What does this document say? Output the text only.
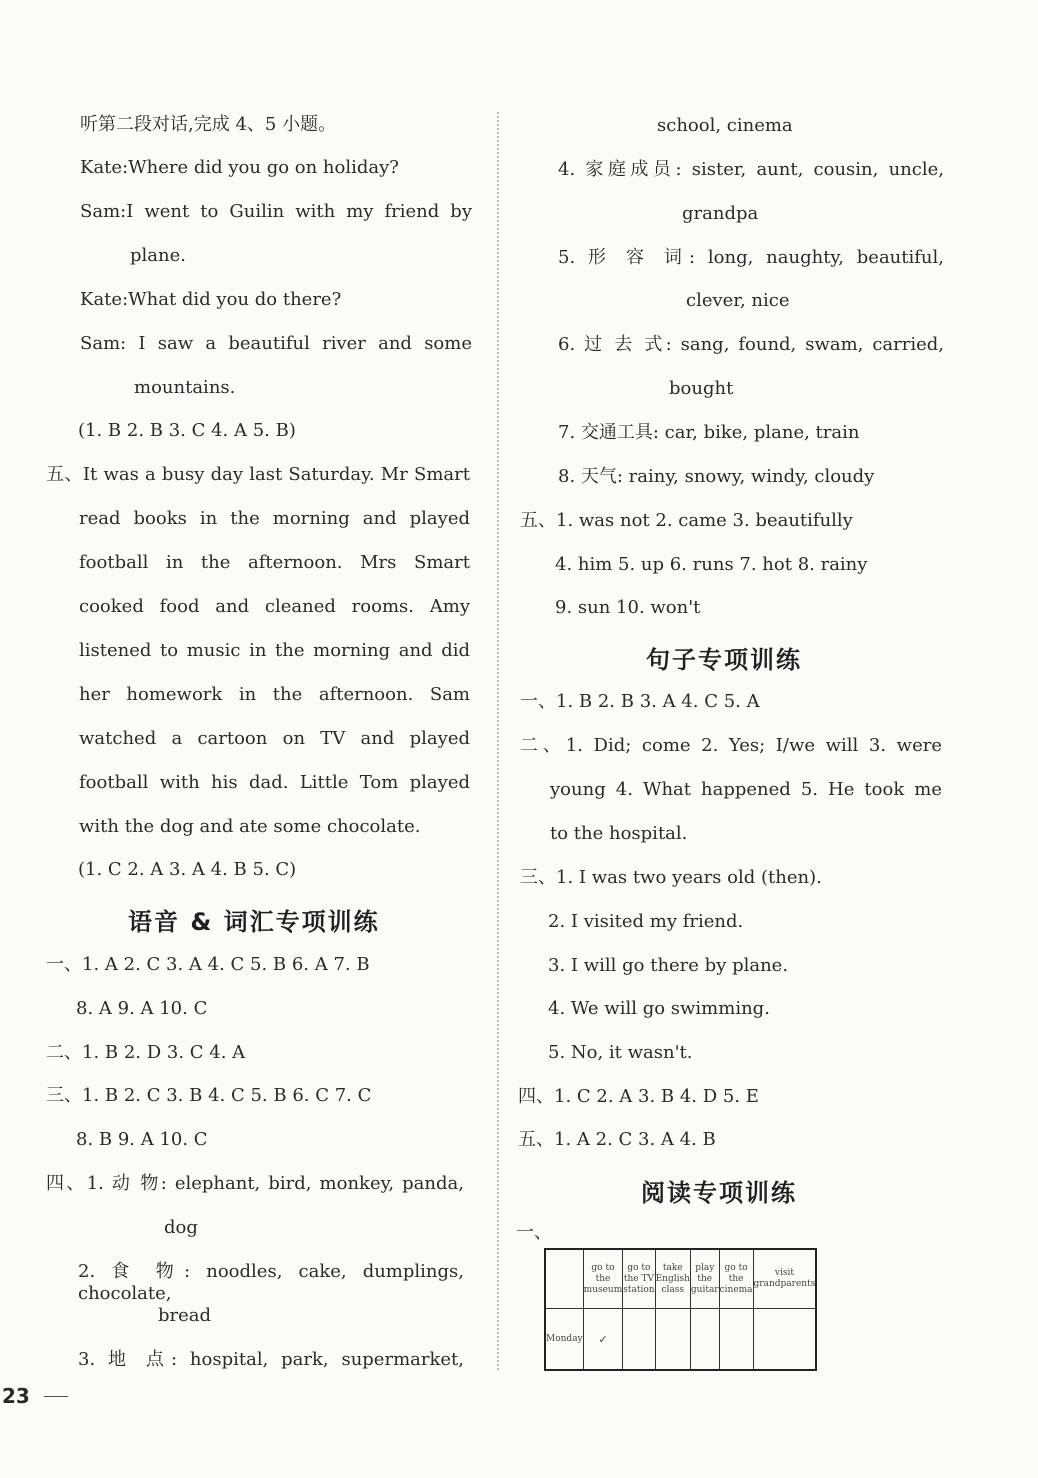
听第二段对话,完成 4、5 小题。
Kate:Where did you go on holiday?
Sam:I went to Guilin with my friend by
plane.
Kate:What did you do there?
Sam: I saw a beautiful river and some
mountains.
(1. B 2. B 3. C 4. A 5. B)
五、It was a busy day last Saturday. Mr Smart
read books in the morning and played
football in the afternoon. Mrs Smart
cooked food and cleaned rooms. Amy
listened to music in the morning and did
her homework in the afternoon. Sam
watched a cartoon on TV and played
football with his dad. Little Tom played
with the dog and ate some chocolate.
(1. C 2. A 3. A 4. B 5. C)
语音 & 词汇专项训练
一、1. A 2. C 3. A 4. C 5. B 6. A 7. B
8. A 9. A 10. C
二、1. B 2. D 3. C 4. A
三、1. B 2. C 3. B 4. C 5. B 6. C 7. C
8. B 9. A 10. C
四、1. 动 物: elephant, bird, monkey, panda,
dog
2. 食 物: noodles, cake, dumplings, chocolate,
bread
3. 地 点: hospital, park, supermarket,
school, cinema
4. 家庭成员: sister, aunt, cousin, uncle,
grandpa
5. 形 容 词: long, naughty, beautiful,
clever, nice
6. 过 去 式: sang, found, swam, carried,
bought
7. 交通工具: car, bike, plane, train
8. 天气: rainy, snowy, windy, cloudy
五、1. was not 2. came 3. beautifully
4. him 5. up 6. runs 7. hot 8. rainy
9. sun 10. won't
句子专项训练
一、1. B 2. B 3. A 4. C 5. A
二、1. Did; come 2. Yes; I/we will 3. were
young 4. What happened 5. He took me
to the hospital.
三、1. I was two years old (then).
2. I visited my friend.
3. I will go there by plane.
4. We will go swimming.
5. No, it wasn't.
四、1. C 2. A 3. B 4. D 5. E
五、1. A 2. C 3. A 4. B
阅读专项训练
一、
	go to the museum	go to the TV station	take English class	play the guitar	go to the cinema	visit grandparents
Monday	✓					
23
